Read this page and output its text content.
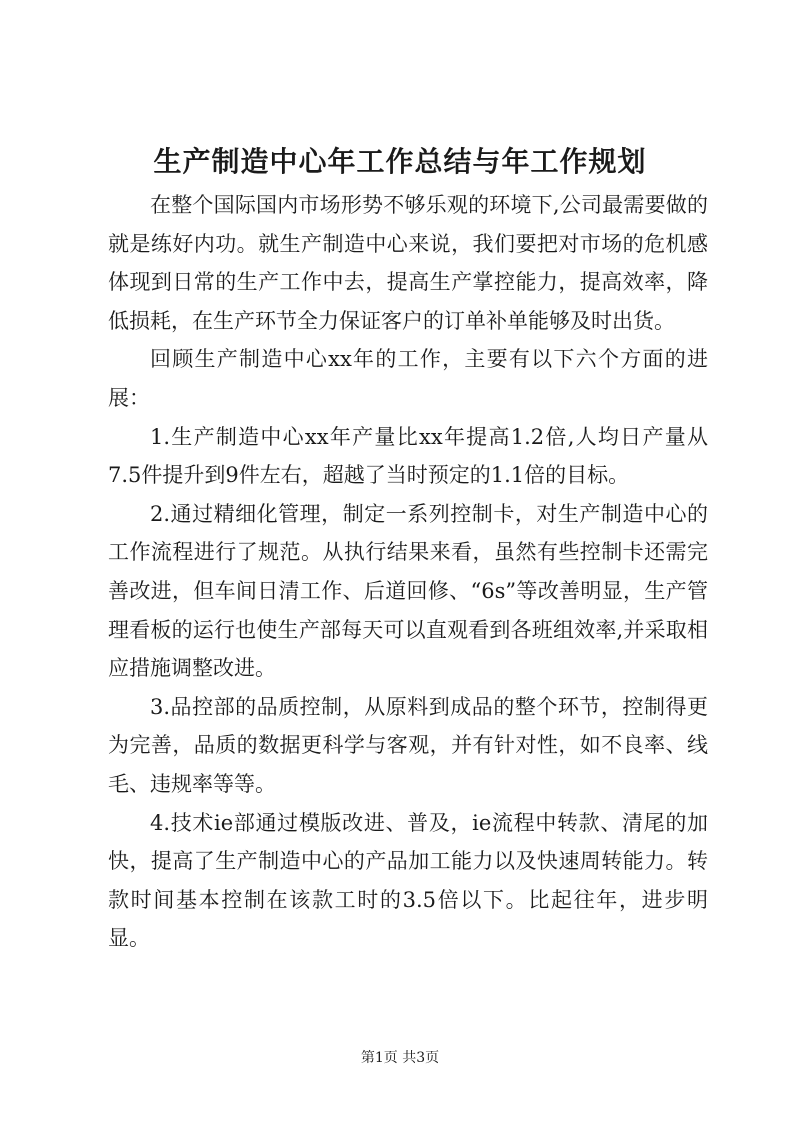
生产制造中心年工作总结与年工作规划

在整个国际国内市场形势不够乐观的环境下,公司最需要做的就是练好内功。就生产制造中心来说，我们要把对市场的危机感体现到日常的生产工作中去，提高生产掌控能力，提高效率，降低损耗，在生产环节全力保证客户的订单补单能够及时出货。

回顾生产制造中心xx年的工作，主要有以下六个方面的进展：

1.生产制造中心xx年产量比xx年提高1.2倍,人均日产量从7.5件提升到9件左右，超越了当时预定的1.1倍的目标。

2.通过精细化管理，制定一系列控制卡，对生产制造中心的工作流程进行了规范。从执行结果来看，虽然有些控制卡还需完善改进，但车间日清工作、后道回修、“6s”等改善明显，生产管理看板的运行也使生产部每天可以直观看到各班组效率,并采取相应措施调整改进。

3.品控部的品质控制，从原料到成品的整个环节，控制得更为完善，品质的数据更科学与客观，并有针对性，如不良率、线毛、违规率等等。

4.技术ie部通过模版改进、普及，ie流程中转款、清尾的加快，提高了生产制造中心的产品加工能力以及快速周转能力。转款时间基本控制在该款工时的3.5倍以下。比起往年，进步明显。

第1页 共3页
